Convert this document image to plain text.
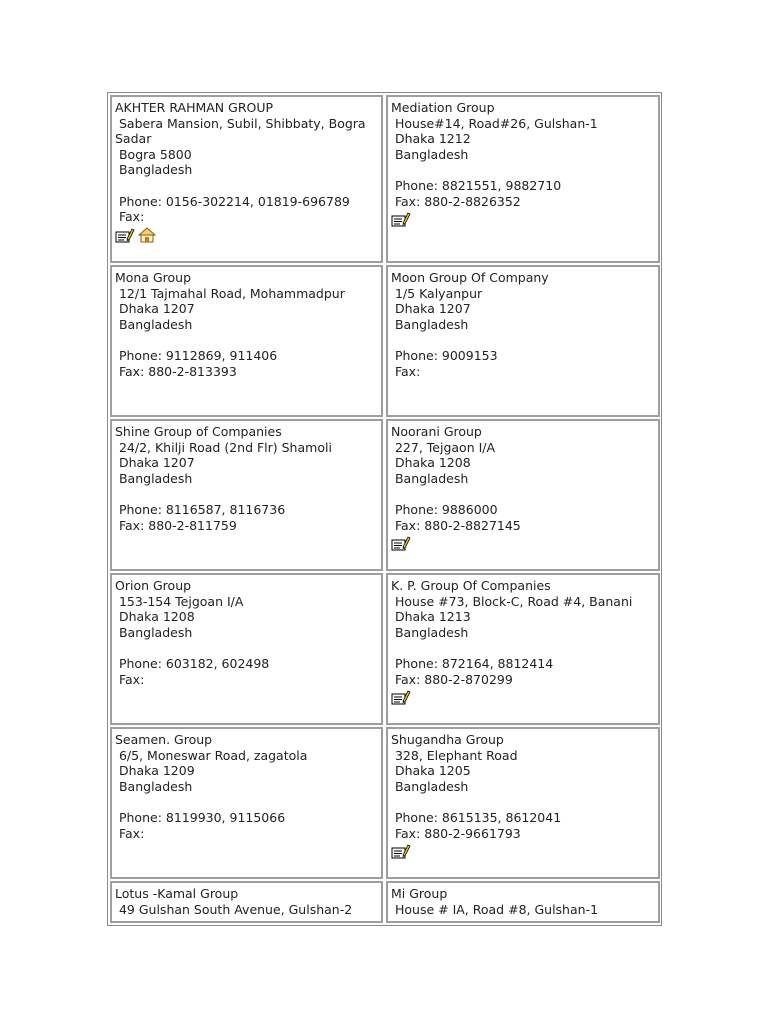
AKHTER RAHMAN GROUP
Sabera Mansion, Subil, Shibbaty, Bogra
Sadar
Bogra 5800
Bangladesh
Phone: 0156-302214, 01819-696789
Fax:
Mediation Group
House#14, Road#26, Gulshan-1
Dhaka 1212
Bangladesh
Phone: 8821551, 9882710
Fax: 880-2-8826352
Mona Group
12/1 Tajmahal Road, Mohammadpur
Dhaka 1207
Bangladesh
Phone: 9112869, 911406
Fax: 880-2-813393
Moon Group Of Company
1/5 Kalyanpur
Dhaka 1207
Bangladesh
Phone: 9009153
Fax:
Shine Group of Companies
24/2, Khilji Road (2nd Flr) Shamoli
Dhaka 1207
Bangladesh
Phone: 8116587, 8116736
Fax: 880-2-811759
Noorani Group
227, Tejgaon I/A
Dhaka 1208
Bangladesh
Phone: 9886000
Fax: 880-2-8827145
Orion Group
153-154 Tejgoan I/A
Dhaka 1208
Bangladesh
Phone: 603182, 602498
Fax:
K. P. Group Of Companies
House #73, Block-C, Road #4, Banani
Dhaka 1213
Bangladesh
Phone: 872164, 8812414
Fax: 880-2-870299
Seamen. Group
6/5, Moneswar Road, zagatola
Dhaka 1209
Bangladesh
Phone: 8119930, 9115066
Fax:
Shugandha Group
328, Elephant Road
Dhaka 1205
Bangladesh
Phone: 8615135, 8612041
Fax: 880-2-9661793
Lotus -Kamal Group
49 Gulshan South Avenue, Gulshan-2
Mi Group
House # IA, Road #8, Gulshan-1
